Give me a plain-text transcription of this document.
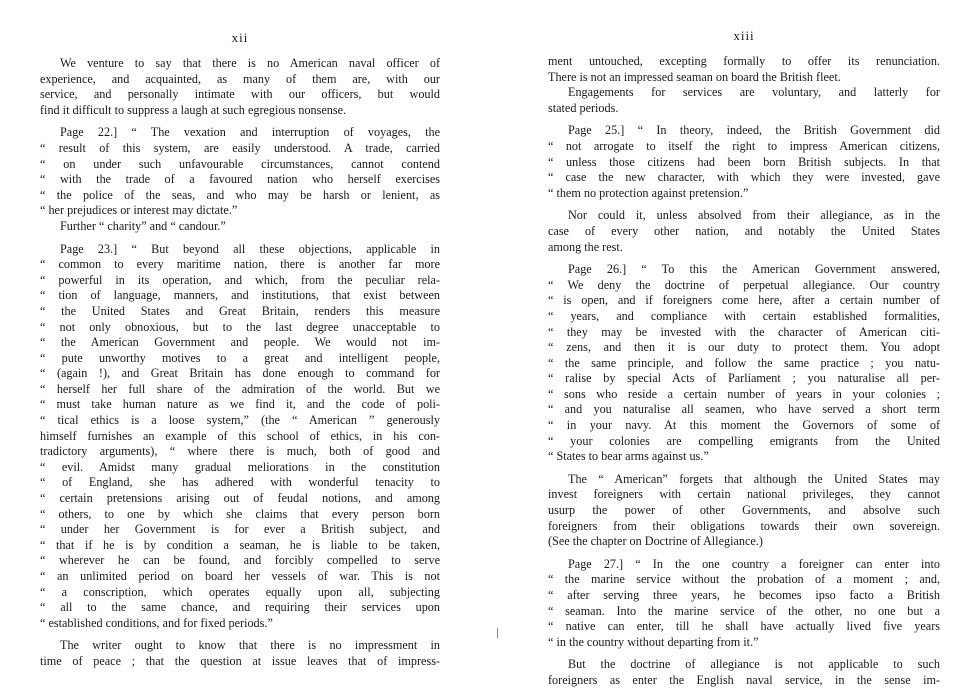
xii
We venture to say that there is no American naval officer of
experience, and acquainted, as many of them are, with our
service, and personally intimate with our officers, but would
find it difficult to suppress a laugh at such egregious nonsense.
Page 22.] “ The vexation and interruption of voyages, the
“ result of this system, are easily understood. A trade, carried
“ on under such unfavourable circumstances, cannot contend
“ with the trade of a favoured nation who herself exercises
“ the police of the seas, and who may be harsh or lenient, as
“ her prejudices or interest may dictate.”
Further “ charity” and “ candour.”
Page 23.] “ But beyond all these objections, applicable in
“ common to every maritime nation, there is another far more
“ powerful in its operation, and which, from the peculiar rela-
“ tion of language, manners, and institutions, that exist between
“ the United States and Great Britain, renders this measure
“ not only obnoxious, but to the last degree unacceptable to
“ the American Government and people. We would not im-
“ pute unworthy motives to a great and intelligent people,
“ (again !), and Great Britain has done enough to command for
“ herself her full share of the admiration of the world. But we
“ must take human nature as we find it, and the code of poli-
“ tical ethics is a loose system,” (the “ American ” generously
himself furnishes an example of this school of ethics, in his con-
tradictory arguments), “ where there is much, both of good and
“ evil. Amidst many gradual meliorations in the constitution
“ of England, she has adhered with wonderful tenacity to
“ certain pretensions arising out of feudal notions, and among
“ others, to one by which she claims that every person born
“ under her Government is for ever a British subject, and
“ that if he is by condition a seaman, he is liable to be taken,
“ wherever he can be found, and forcibly compelled to serve
“ an unlimited period on board her vessels of war. This is not
“ a conscription, which operates equally upon all, subjecting
“ all to the same chance, and requiring their services upon
“ established conditions, and for fixed periods.”
The writer ought to know that there is no impressment in
time of peace ; that the question at issue leaves that of impress-
xiii
ment untouched, excepting formally to offer its renunciation.
There is not an impressed seaman on board the British fleet.
Engagements for services are voluntary, and latterly for
stated periods.
Page 25.] “ In theory, indeed, the British Government did
“ not arrogate to itself the right to impress American citizens,
“ unless those citizens had been born British subjects. In that
“ case the new character, with which they were invested, gave
“ them no protection against pretension.”
Nor could it, unless absolved from their allegiance, as in the
case of every other nation, and notably the United States
among the rest.
Page 26.] “ To this the American Government answered,
“ We deny the doctrine of perpetual allegiance. Our country
“ is open, and if foreigners come here, after a certain number of
“ years, and compliance with certain established formalities,
“ they may be invested with the character of American citi-
“ zens, and then it is our duty to protect them. You adopt
“ the same principle, and follow the same practice ; you natu-
“ ralise by special Acts of Parliament ; you naturalise all per-
“ sons who reside a certain number of years in your colonies ;
“ and you naturalise all seamen, who have served a short term
“ in your navy. At this moment the Governors of some of
“ your colonies are compelling emigrants from the United
“ States to bear arms against us.”
The “ American” forgets that although the United States may
invest foreigners with certain national privileges, they cannot
usurp the power of other Governments, and absolve such
foreigners from their obligations towards their own sovereign.
(See the chapter on Doctrine of Allegiance.)
Page 27.] “ In the one country a foreigner can enter into
“ the marine service without the probation of a moment ; and,
“ after serving three years, he becomes ipso facto a British
“ seaman. Into the marine service of the other, no one but a
“ native can enter, till he shall have actually lived five years
“ in the country without departing from it.”
But the doctrine of allegiance is not applicable to such
foreigners as enter the English naval service, in the sense im-
